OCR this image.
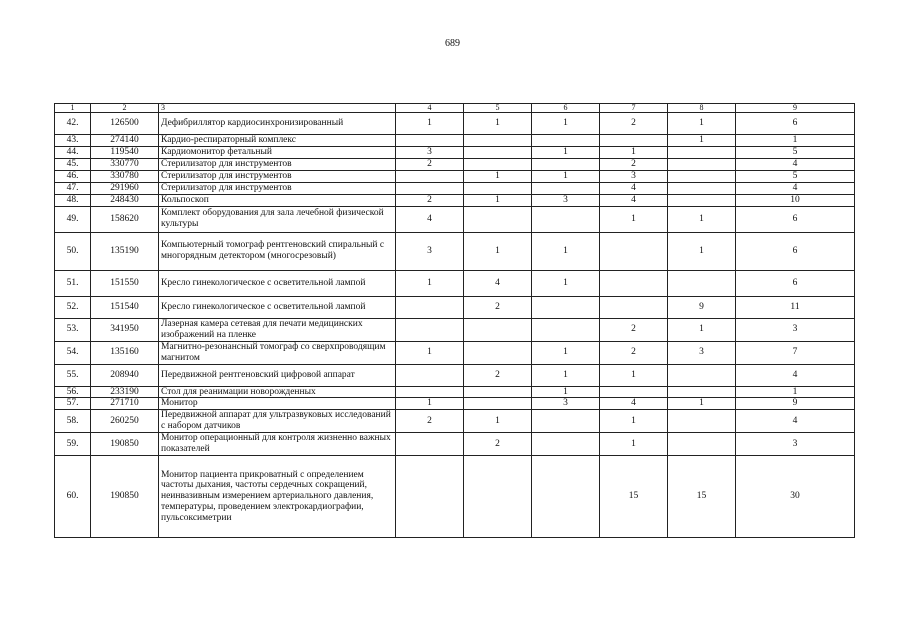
689
1	2	3	4	5	6	7	8	9
42.	126500	Дефибриллятор кардиосинхронизированный	1	1	1	2	1	6
43.	274140	Кардио-респираторный комплекс					1	1
44.	119540	Кардиомонитор фетальный	3		1	1		5
45.	330770	Стерилизатор для инструментов	2			2		4
46.	330780	Стерилизатор для инструментов		1	1	3		5
47.	291960	Стерилизатор для инструментов				4		4
48.	248430	Кольпоскоп	2	1	3	4		10
49.	158620	Комплект оборудования для зала лечебной физической культуры	4			1	1	6
50.	135190	Компьютерный томограф рентгеновский спиральный с многорядным детектором (многосрезовый)	3	1	1		1	6
51.	151550	Кресло гинекологическое с осветительной лампой	1	4	1			6
52.	151540	Кресло гинекологическое с осветительной лампой		2			9	11
53.	341950	Лазерная камера сетевая для печати медицинских изображений на пленке				2	1	3
54.	135160	Магнитно-резонансный томограф со сверхпроводящим магнитом	1		1	2	3	7
55.	208940	Передвижной рентгеновский цифровой аппарат		2	1	1		4
56.	233190	Стол для реанимации новорожденных			1			1
57.	271710	Монитор	1		3	4	1	9
58.	260250	Передвижной аппарат для ультразвуковых исследований с набором датчиков	2	1		1		4
59.	190850	Монитор операционный для контроля жизненно важных показателей		2		1		3
60.	190850	Монитор пациента прикроватный с определением частоты дыхания, частоты сердечных сокращений, неинвазивным измерением артериального давления, температуры, проведением электрокардиографии, пульсоксиметрии				15	15	30
